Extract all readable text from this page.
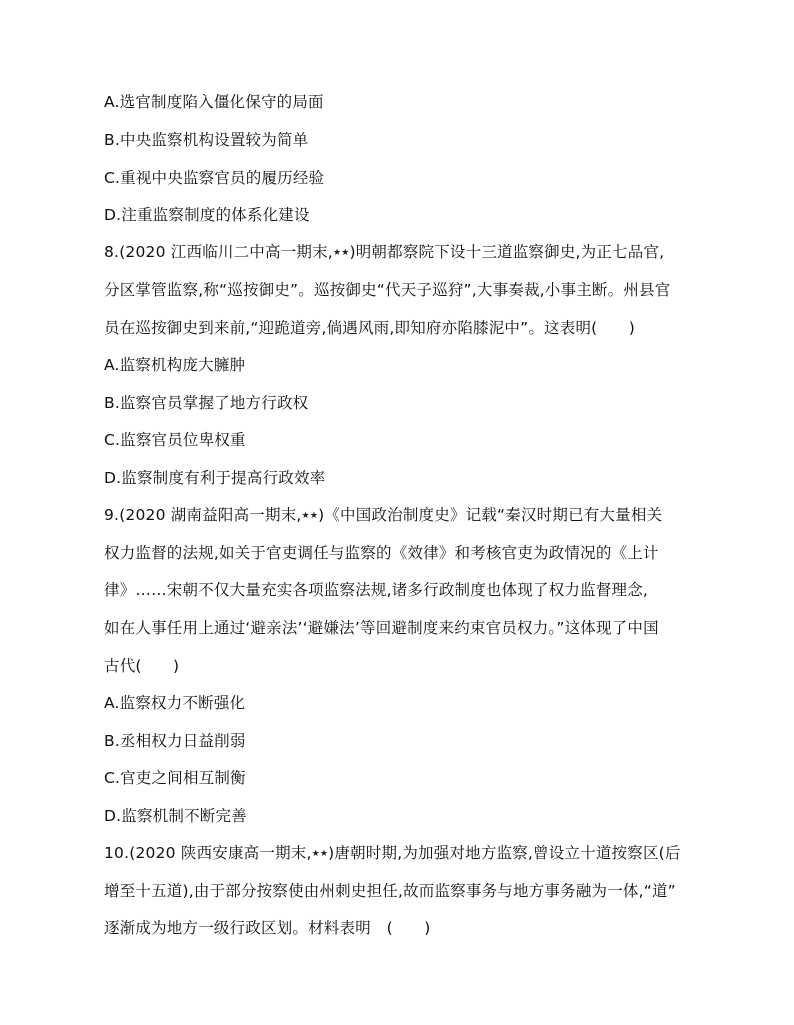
A.选官制度陷入僵化保守的局面
B.中央监察机构设置较为简单
C.重视中央监察官员的履历经验
D.注重监察制度的体系化建设
8.(2020 江西临川二中高一期末,★★)明朝都察院下设十三道监察御史,为正七品官,
分区掌管监察,称“巡按御史”。巡按御史“代天子巡狩”,大事奏裁,小事主断。州县官
员在巡按御史到来前,“迎跪道旁,倘遇风雨,即知府亦陷膝泥中”。这表明(　　)
A.监察机构庞大臃肿
B.监察官员掌握了地方行政权
C.监察官员位卑权重
D.监察制度有利于提高行政效率
9.(2020 湖南益阳高一期末,★★)《中国政治制度史》记载“秦汉时期已有大量相关
权力监督的法规,如关于官吏调任与监察的《效律》和考核官吏为政情况的《上计
律》……宋朝不仅大量充实各项监察法规,诸多行政制度也体现了权力监督理念,
如在人事任用上通过‘避亲法’‘避嫌法’等回避制度来约束官员权力。”这体现了中国
古代(　　)
A.监察权力不断强化
B.丞相权力日益削弱
C.官吏之间相互制衡
D.监察机制不断完善
10.(2020 陕西安康高一期末,★★)唐朝时期,为加强对地方监察,曾设立十道按察区(后
增至十五道),由于部分按察使由州刺史担任,故而监察事务与地方事务融为一体,“道”
逐渐成为地方一级行政区划。材料表明　(　　)
